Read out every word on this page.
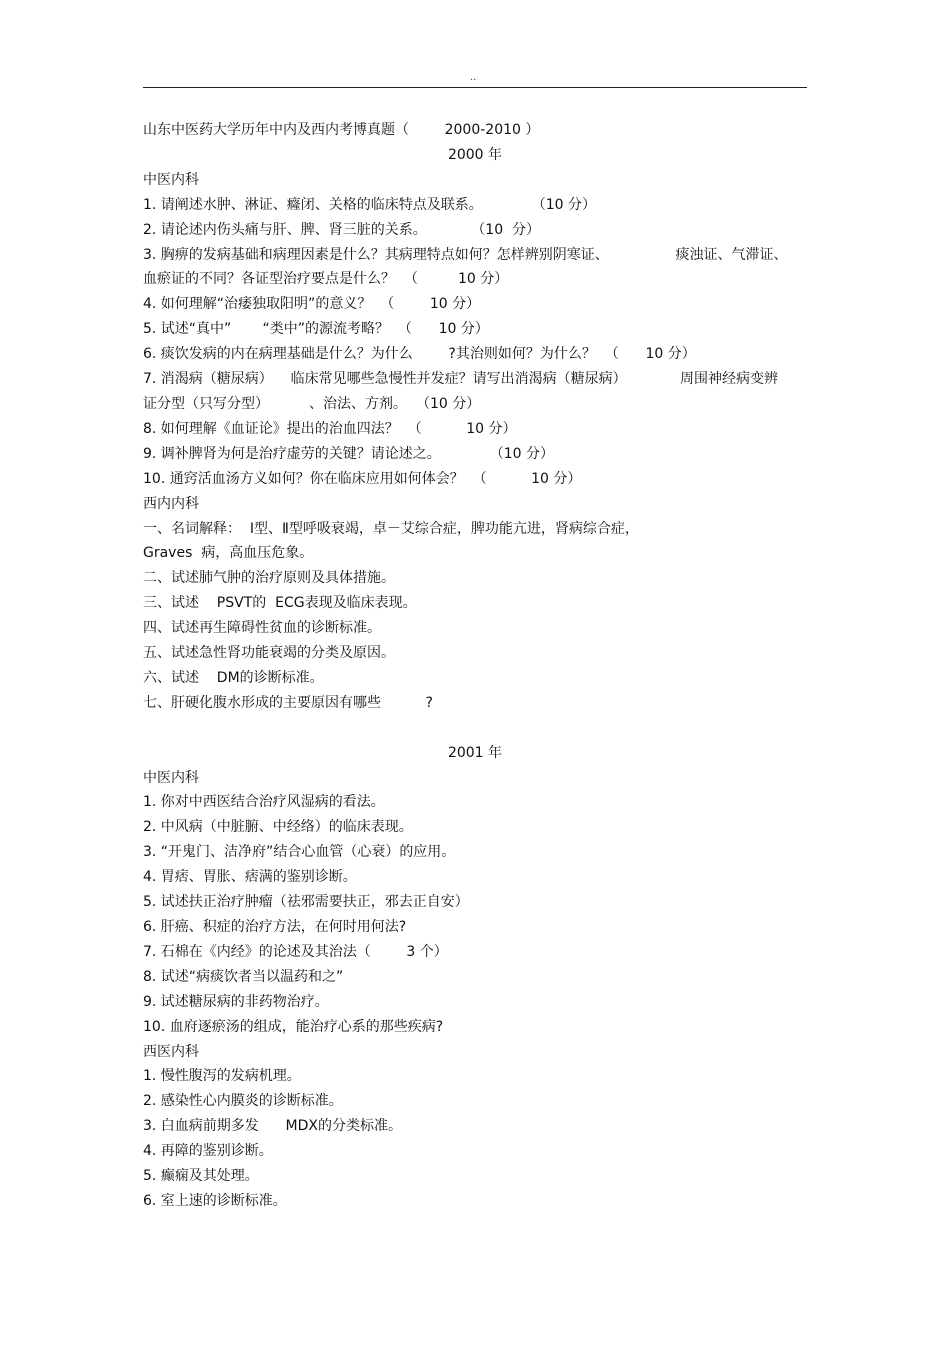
..

山东中医药大学历年中内及西内考博真题（        2000-2010 ）

2000 年

中医内科

1. 请阐述水肿、淋证、癃闭、关格的临床特点及联系。           （10 分）

2. 请论述内伤头痛与肝、脾、肾三脏的关系。          （10  分）

3. 胸痹的发病基础和病理因素是什么？其病理特点如何？怎样辨别阴寒证、               痰浊证、气滞证、

血瘀证的不同？各证型治疗要点是什么？  （         10 分）

4. 如何理解“治痿独取阳明”的意义？  （        10 分）

5. 试述“真中”       “类中”的源流考略？  （      10 分）

6. 痰饮发病的内在病理基础是什么？为什么        ?其治则如何？为什么？  （      10 分）

7. 消渴病（糖尿病）    临床常见哪些急慢性并发症？请写出消渴病（糖尿病）            周围神经病变辨

证分型（只写分型）         、治法、方剂。  （10 分）

8. 如何理解《血证论》提出的治血四法？  （          10 分）

9. 调补脾肾为何是治疗虚劳的关键？请论述之。           （10 分）

10. 通窍活血汤方义如何？你在临床应用如何体会？  （          10 分）

西内内科

一、名词解释：  Ⅰ型、Ⅱ型呼吸衰竭，卓－艾综合症，脾功能亢进，肾病综合症，

Graves  病，高血压危象。

二、试述肺气肿的治疗原则及具体措施。

三、试述    PSVT的  ECG表现及临床表现。

四、试述再生障碍性贫血的诊断标准。

五、试述急性肾功能衰竭的分类及原因。

六、试述    DM的诊断标准。

七、肝硬化腹水形成的主要原因有哪些          ?

2001 年

中医内科

1. 你对中西医结合治疗风湿病的看法。

2. 中风病（中脏腑、中经络）的临床表现。

3. “开鬼门、洁净府”结合心血管（心衰）的应用。

4. 胃痞、胃胀、痞满的鉴别诊断。

5. 试述扶正治疗肿瘤（祛邪需要扶正，邪去正自安）

6. 肝癌、积症的治疗方法，在何时用何法?

7. 石棉在《内经》的论述及其治法（        3 个）

8. 试述“病痰饮者当以温药和之”

9. 试述糖尿病的非药物治疗。

10. 血府逐瘀汤的组成，能治疗心系的那些疾病?

西医内科

1. 慢性腹泻的发病机理。

2. 感染性心内膜炎的诊断标准。

3. 白血病前期多发      MDX的分类标准。

4. 再障的鉴别诊断。

5. 癫痫及其处理。

6. 室上速的诊断标准。
